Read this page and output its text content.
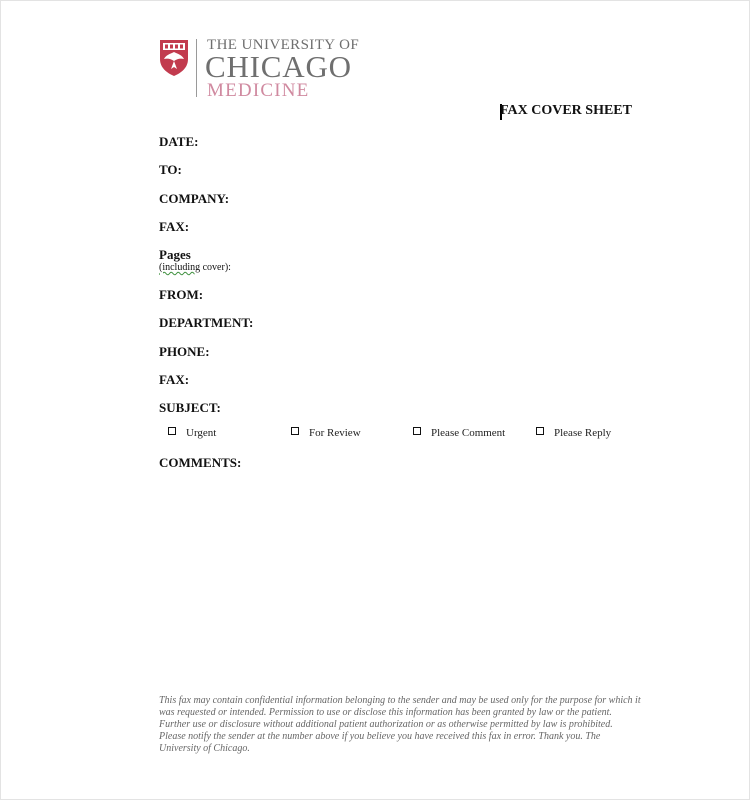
THE UNIVERSITY OF
CHICAGO
MEDICINE
FAX COVER SHEET
DATE:
TO:
COMPANY:
FAX:
Pages
(including cover):
FROM:
DEPARTMENT:
PHONE:
FAX:
SUBJECT:
Urgent	For Review	Please Comment	Please Reply
COMMENTS:
This fax may contain confidential information belonging to the sender and may be used only for the purpose for which it was requested or intended. Permission to use or disclose this information has been granted by law or the patient. Further use or disclosure without additional patient authorization or as otherwise permitted by law is prohibited. Please notify the sender at the number above if you believe you have received this fax in error. Thank you. The University of Chicago.
